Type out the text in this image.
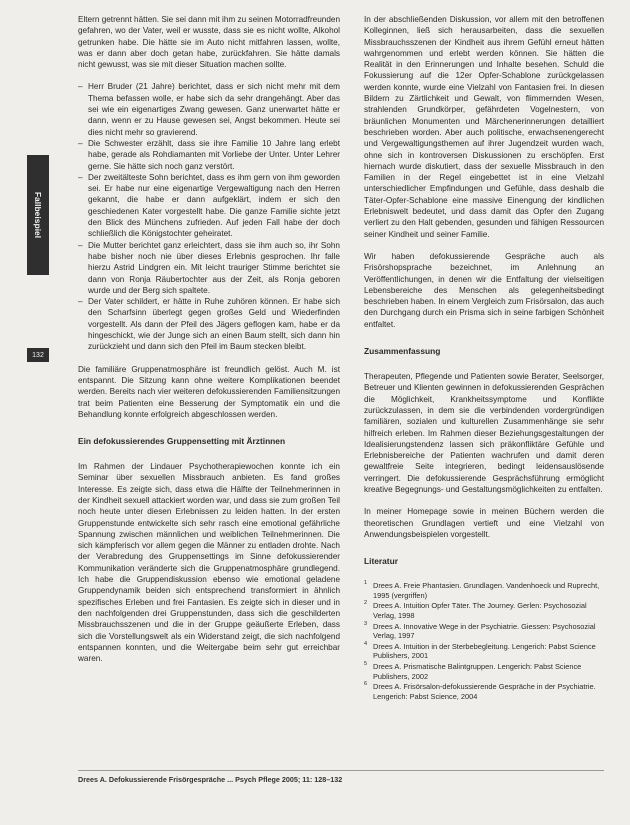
Fallbeispiel
132

Eltern getrennt hätten. Sie sei dann mit ihm zu seinen Motorradfreunden gefahren, wo der Vater, weil er wusste, dass sie es nicht wollte, Alkohol getrunken habe. Die hätte sie im Auto nicht mitfahren lassen, wollte, was er dann aber doch getan habe, zurückfahren. Sie hätte damals nicht gewusst, was sie mit dieser Situation machen sollte.

– Herr Bruder (21 Jahre) berichtet, dass er sich nicht mehr mit dem Thema befassen wolle, er habe sich da sehr drangehängt. Aber das sei wie ein eigenartiges Zwang gewesen. Ganz unerwartet hätte er dann, wenn er zu Hause gewesen sei, Angst bekommen. Heute sei dies nicht mehr so gravierend.
– Die Schwester erzählt, dass sie ihre Familie 10 Jahre lang erlebt habe, gerade als Rohdiamanten mit Vorliebe der Unter. Unter Lehrer gerne. Sie hätte sich noch ganz verstört.
– Der zweitälteste Sohn berichtet, dass es ihm gern von ihm geworden sei. Er habe nur eine eigenartige Vergewaltigung nach den Herren gekannt, die habe er dann aufgeklärt, indem er sich den geschiedenen Kater vorgestellt habe. Die ganze Familie sichte jetzt den Blick des Münchens zufrieden. Auf jeden Fall habe der doch schließlich die Königstochter geheiratet.
– Die Mutter berichtet ganz erleichtert, dass sie ihm auch so, ihr Sohn habe bisher noch nie über dieses Erlebnis gesprochen. Ihr falle hierzu Astrid Lindgren ein. Mit leicht trauriger Stimme berichtet sie dann von Ronja Räubertochter aus der Zeit, als Ronja geboren wurde und der Berg sich spaltete.
– Der Vater schildert, er hätte in Ruhe zuhören können. Er habe sich den Scharfsinn überlegt gegen großes Geld und Wiederfinden vorgestellt. Als dann der Pfeil des Jägers geflogen kam, habe er da hingeschickt, wie der Junge sich an einen Baum stellt, sich dann hin zurückzieht und dann sich den Pfeil im Baum stecken bleibt.

Die familiäre Gruppenatmosphäre ist freundlich gelöst. Auch M. ist entspannt. Die Sitzung kann ohne weitere Komplikationen beendet werden. Bereits nach vier weiteren defokussierenden Familiensitzungen trat beim Patienten eine Besserung der Symptomatik ein und die Behandlung konnte erfolgreich abgeschlossen werden.

Ein defokussierendes Gruppensetting mit Ärztinnen

Im Rahmen der Lindauer Psychotherapiewochen konnte ich ein Seminar über sexuellen Missbrauch anbieten. Es fand großes Interesse. Es zeigte sich, dass etwa die Hälfte der Teilnehmerinnen in der Kindheit sexuell attackiert worden war, und dass sie zum großen Teil noch heute unter diesen Erlebnissen zu leiden hatten. In der ersten Gruppenstunde entwickelte sich sehr rasch eine emotional gefährliche Spannung zwischen männlichen und weiblichen Teilnehmerinnen. Die sich kämpferisch vor allem gegen die Männer zu entladen drohte. Nach der Verabredung des Gruppensettings im Sinne defokussierender Kommunikation veränderte sich die Gruppenatmosphäre grundlegend. Ich habe die Gruppendiskussion ebenso wie emotional geladene Gruppendynamik beiden sich entsprechend transformiert in ähnlich spezifisches Erleben und frei Fantasien. Es zeigte sich in dieser und in den nachfolgenden drei Gruppenstunden, dass sich die geschilderten Missbrauchsszenen und die in der Gruppe geäußerte Erleben, dass sich die Vorstellungswelt als ein Widerstand zeigt, die sich nachfolgend entspannen konnten, und die Weitergabe beim sehr gut erreichbar waren.

In der abschließenden Diskussion, vor allem mit den betroffenen Kolleginnen, ließ sich herausarbeiten, dass die sexuellen Missbrauchsszenen der Kindheit aus ihrem Gefühl erneut hätten wahrgenommen und erlebt werden können. Sie hätten die Realität in den Erinnerungen und Inhalte besehen. Schuld die Fokussierung auf die 12er Opfer-Schablone zurückgelassen werden konnte, wurde eine Vielzahl von Fantasien frei. In diesen Bildern zu Zärtlichkeit und Gewalt, von flimmernden Wesen, strahlenden Grundkörper, gefährdeten Vogelnestern, von bräunlichen Monumenten und Märchenerinnerungen detailliert beschrieben worden. Aber auch politische, erwachsenengerecht und Vergewaltigungsthemen auf ihrer Jugendzeit wurden wach, ohne sich in kontroversen Diskussionen zu erschöpfen. Erst hiernach wurde diskutiert, dass der sexuelle Missbrauch in den Familien in der Regel eingebettet ist in eine Vielzahl unterschiedlicher Empfindungen und Gefühle, dass deshalb die Täter-Opfer-Schablone eine massive Einengung der kindlichen Erlebniswelt bedeutet, und dass damit das Opfer den Zugang verliert zu den Halt gebenden, gesunden und fähigen Ressourcen seiner Kindheit und seiner Familie.

Wir haben defokussierende Gespräche auch als Frisörshopsprache bezeichnet, im Anlehnung an Veröffentlichungen, in denen wir die Entfaltung der vielseitigen Lebensbereiche des Menschen als gelegenheitsbedingt beschrieben haben. In einem Vergleich zum Frisörsalon, das auch den Durchgang durch ein Prisma sich in seine farbigen Schönheit entfaltet.

Zusammenfassung

Therapeuten, Pflegende und Patienten sowie Berater, Seelsorger, Betreuer und Klienten gewinnen in defokussierenden Gesprächen die Möglichkeit, Krankheitssymptome und Konflikte zurückzulassen, in dem sie die verbindenden vordergründigen familiären, sozialen und kulturellen Zusammenhänge sie sehr hilfreich erleben. Im Rahmen dieser Beziehungsgestaltungen der Idealisierungstendenz lassen sich präkonfliktäre Gefühle und Erlebnisbereiche der Patienten wachrufen und damit deren gewaltfreie Seite integrieren, bedingt leidensauslösende verringert. Die defokussierende Gesprächsführung ermöglicht kreative Begegnungs- und Gestaltungsmöglichkeiten zu entfalten.

In meiner Homepage sowie in meinen Büchern werden die theoretischen Grundlagen vertieft und eine Vielzahl von Anwendungsbeispielen vorgestellt.

Literatur
1 Drees A. Freie Phantasien. Grundlagen. Vandenhoeck und Ruprecht, 1995 (vergriffen)
2 Drees A. Intuition Opfer Täter. The Journey. Gerlen: Psychosozial Verlag, 1998
3 Drees A. Innovative Wege in der Psychiatrie. Giessen: Psychosozial Verlag, 1997
4 Drees A. Intuition in der Sterbebegleitung. Lengerich: Pabst Science Publishers, 2001
5 Drees A. Prismatische Balintgruppen. Lengerich: Pabst Science Publishers, 2002
6 Drees A. Frisörsalon-defokussierende Gespräche in der Psychiatrie. Lengerich: Pabst Science, 2004
Drees A. Defokussierende Frisörgespräche ... Psych Pflege 2005; 11: 128–132
